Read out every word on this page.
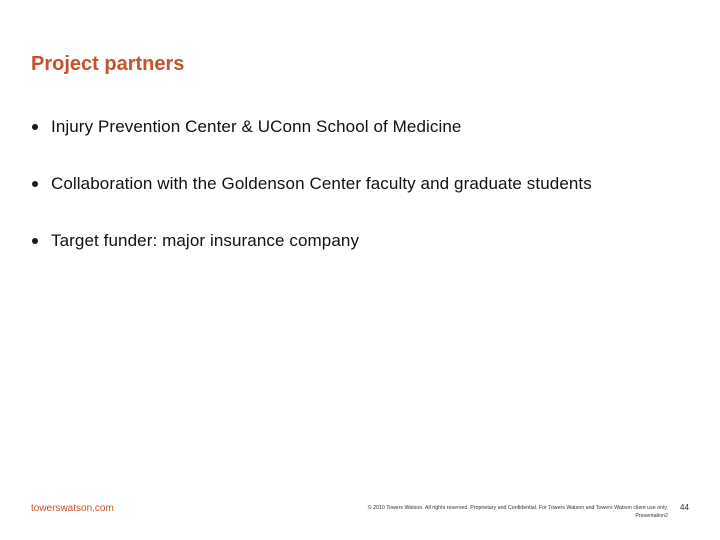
Project partners
Injury Prevention Center & UConn School of Medicine
Collaboration with the Goldenson Center faculty and graduate students
Target funder: major insurance company
towerswatson.com	© 2010 Towers Watson. All rights reserved. Proprietary and Confidential. For Towers Watson and Towers Watson client use only.
Presentation2
44
